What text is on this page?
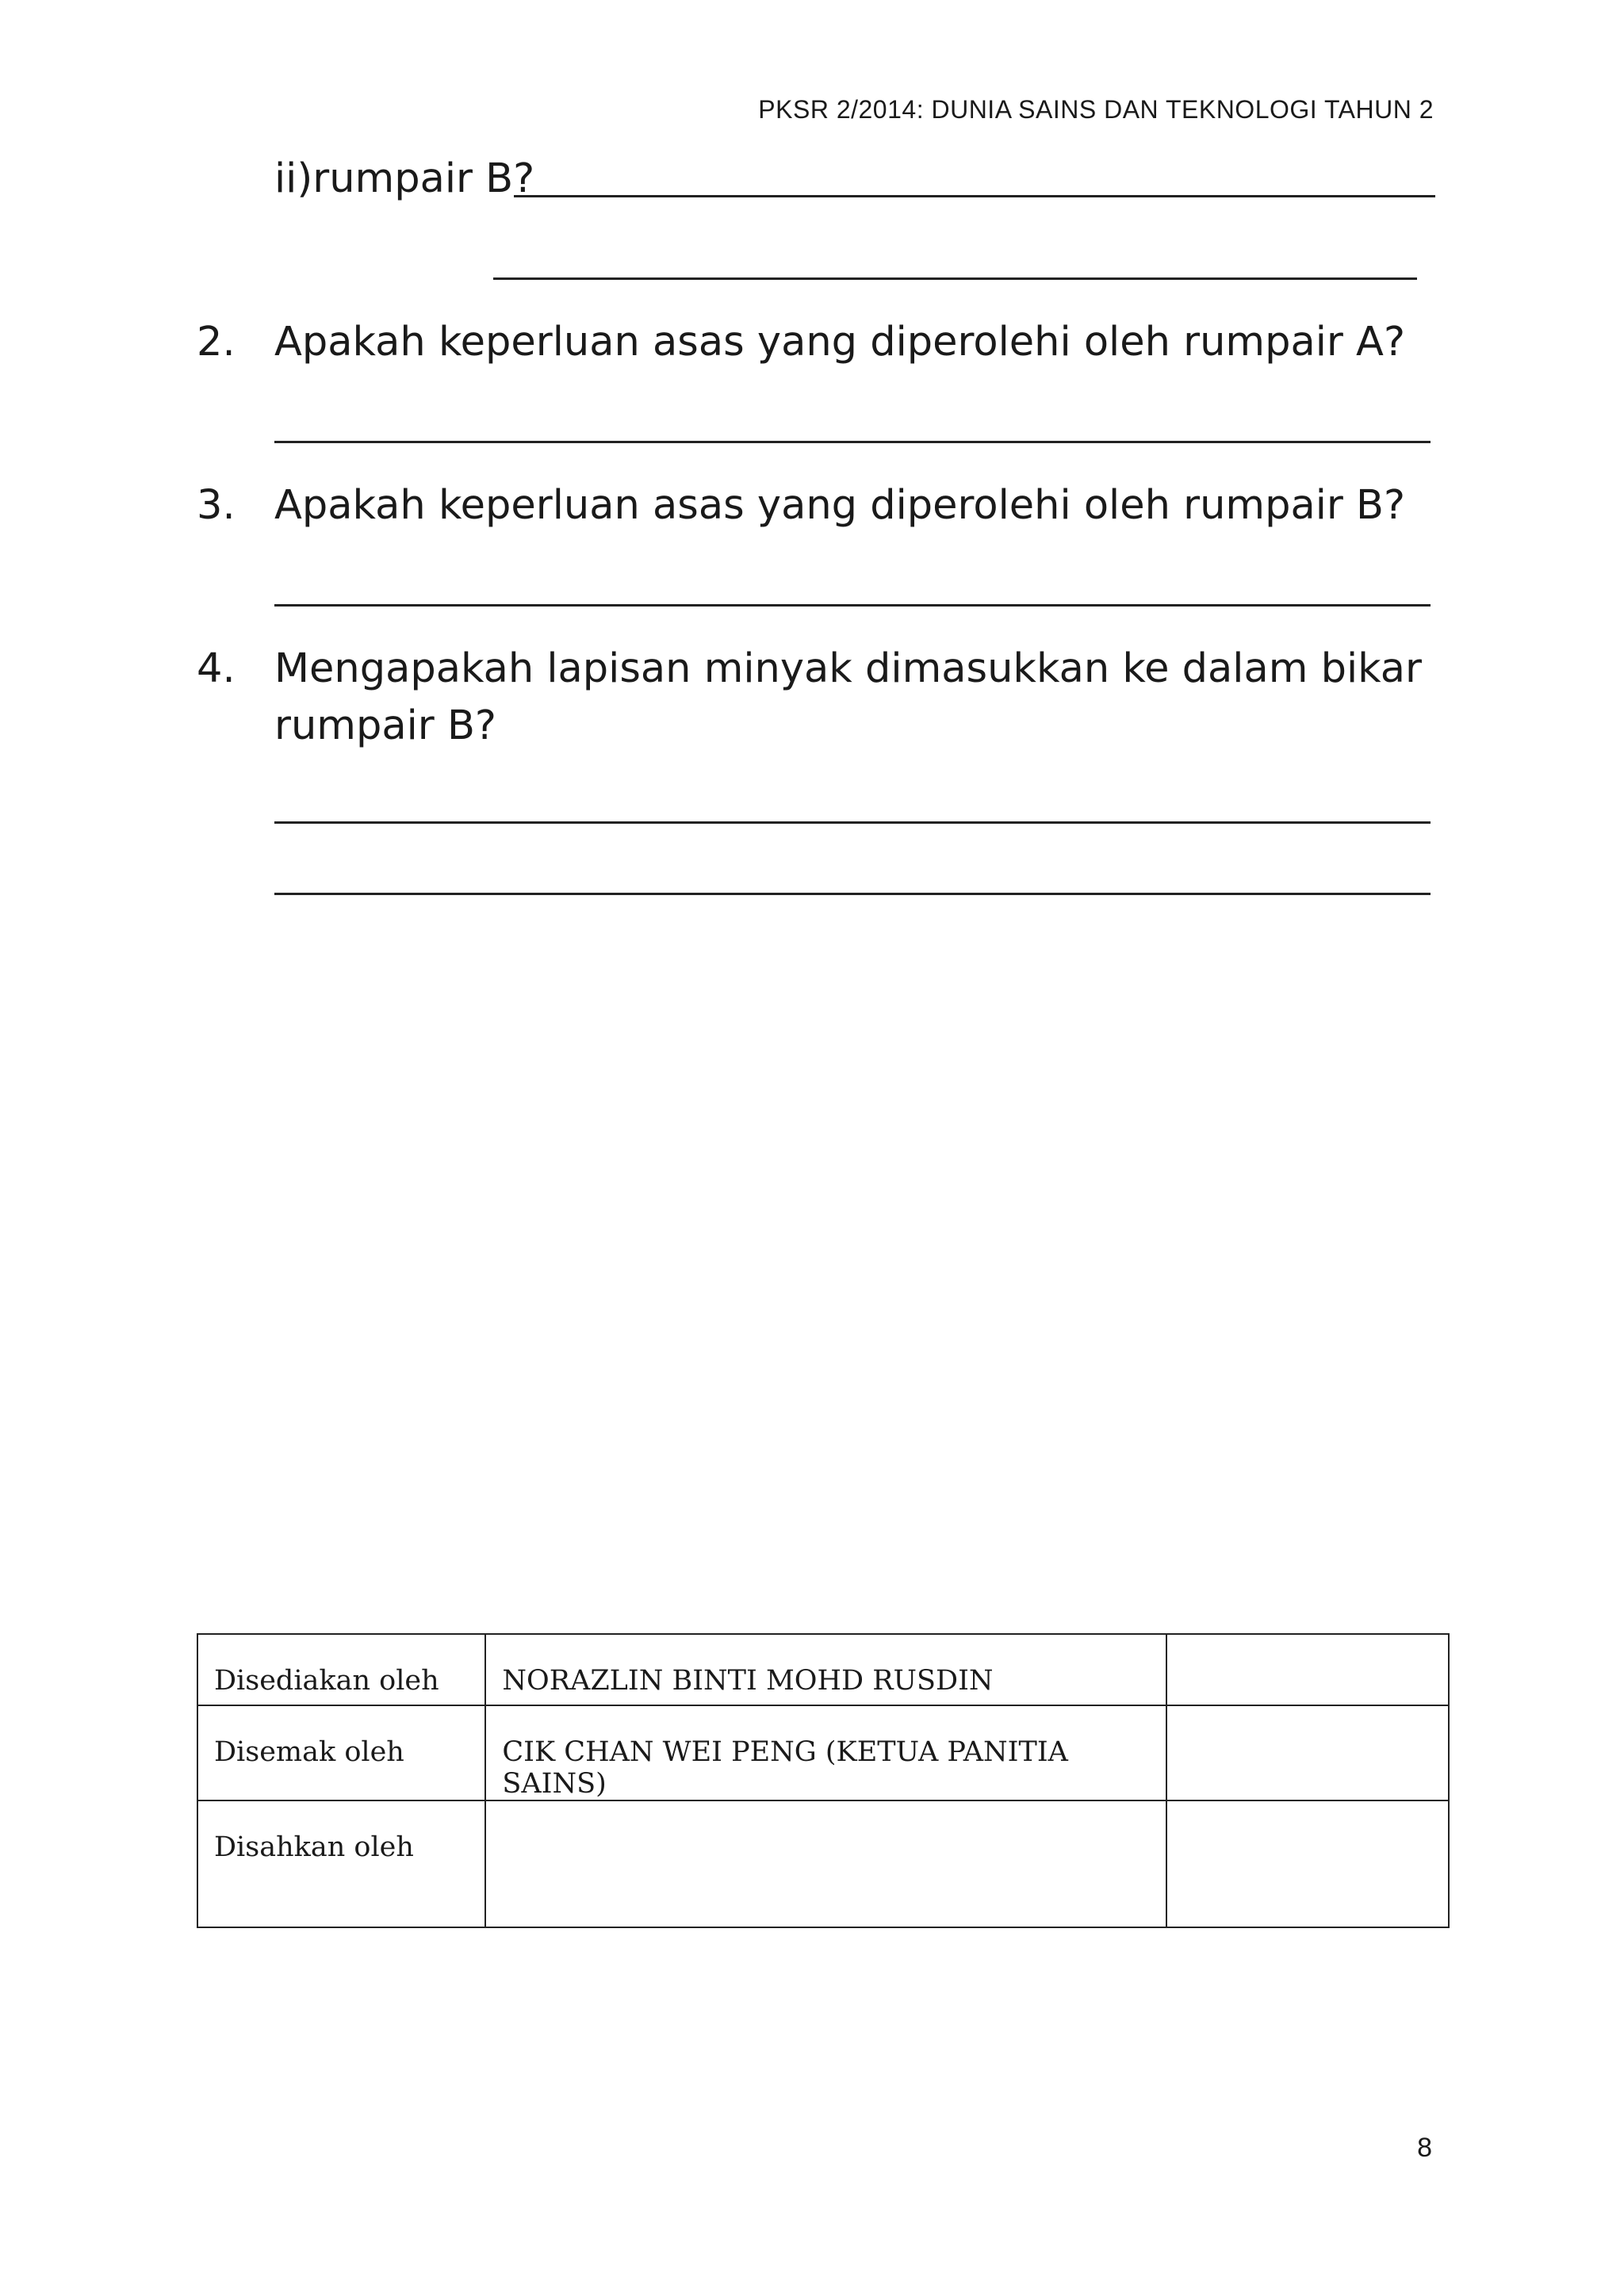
PKSR 2/2014: DUNIA SAINS DAN TEKNOLOGI TAHUN 2
ii)rumpair B?
2. Apakah keperluan asas yang diperolehi oleh rumpair A?
3. Apakah keperluan asas yang diperolehi oleh rumpair B?
4. Mengapakah lapisan minyak dimasukkan ke dalam bikar
rumpair B?
Disediakan oleh	NORAZLIN BINTI MOHD RUSDIN	
Disemak oleh	CIK CHAN WEI PENG (KETUA PANITIA SAINS)	
Disahkan oleh		
8
